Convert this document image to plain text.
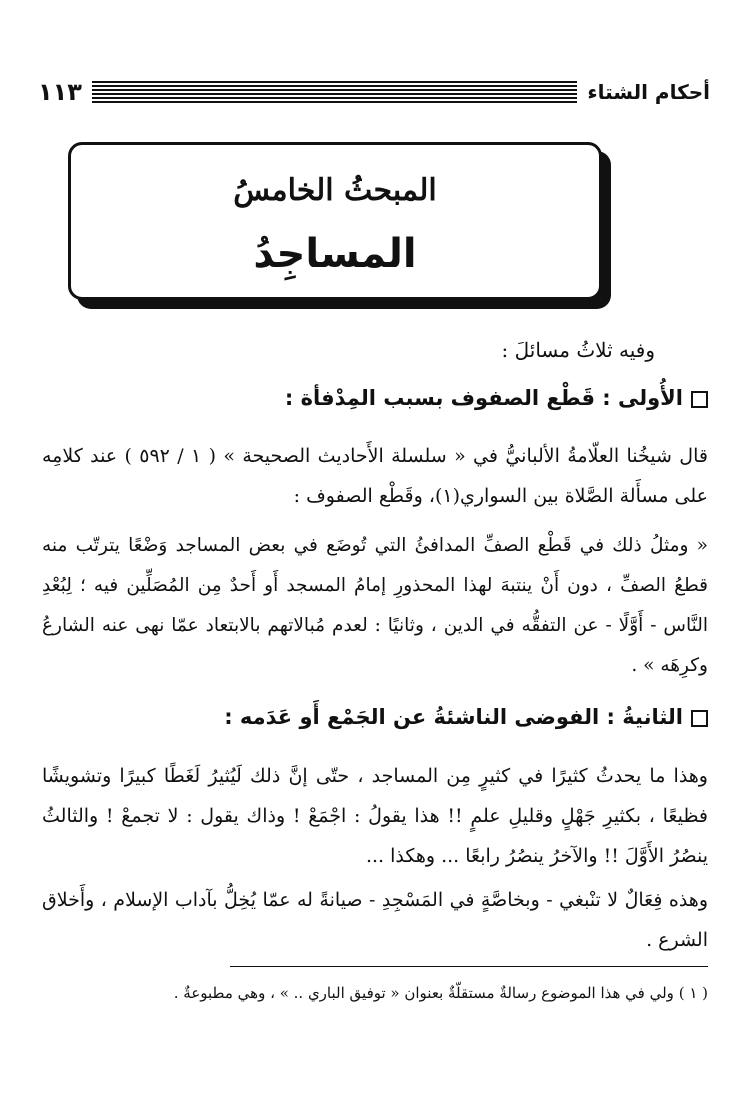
أحكام الشتاء
١١٣
المبحثُ الخامسُ
المساجِدُ
وفيه ثلاثُ مسائلَ :
الأُولى : قَطْع الصفوف بسبب المِدْفأة :
قال شيخُنا العلّامةُ الألبانيُّ في « سلسلة الأَحاديث الصحيحة » ( ١ / ٥٩٢ ) عند كلامِه على مسأَلة الصَّلاة بين السواري(١)، وقَطْع الصفوف :
« ومثلُ ذلك في قَطْع الصفِّ المدافئُ التي تُوضَع في بعض المساجد وَضْعًا يترتّب منه قطعُ الصفِّ ، دون أَنْ ينتبهَ لهذا المحذورِ إمامُ المسجد أَو أَحدٌ مِن المُصَلِّين فيه ؛ لِبُعْدِ النَّاس - أَوَّلًا - عن التفقُّه في الدين ، وثانيًا : لعدم مُبالاتهم بالابتعاد عمّا نهى عنه الشارعُ وكرِهَه » .
الثانيةُ : الفوضى الناشئةُ عن الجَمْع أَو عَدَمه :
وهذا ما يحدثُ كثيرًا في كثيرٍ مِن المساجد ، حتّى إنَّ ذلك لَيُثيرُ لَغَطًا كبيرًا وتشويشًا فظيعًا ، بكثيرِ جَهْلٍ وقليلِ علمٍ !! هذا يقولُ : اجْمَعْ ! وذاك يقول : لا تجمعْ ! والثالثُ ينصُرُ الأَوَّلَ !! والآخرُ ينصُرُ رابعًا ... وهكذا ...
وهذه فِعَالٌ لا تنْبغي - وبخاصَّةٍ في المَسْجِدِ - صيانةً له عمّا يُخِلُّ بآداب الإسلام ، وأَخلاق الشرع .
( ١ ) ولي في هذا الموضوع رسالةٌ مستقلّةٌ بعنوان « توفيق الباري .. » ، وهي مطبوعةٌ .
